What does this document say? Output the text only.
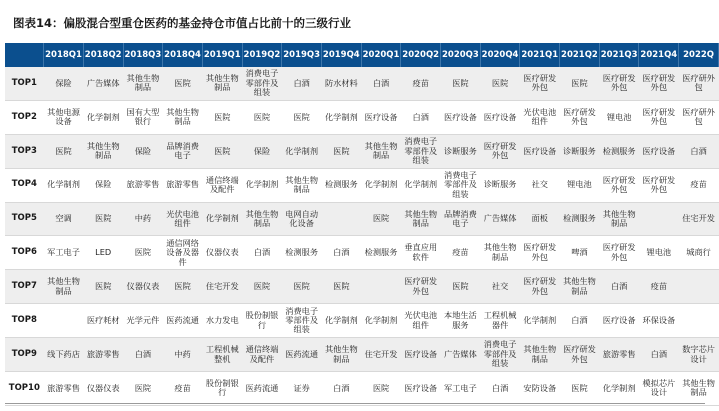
图表14：偏股混合型重仓医药的基金持仓市值占比前十的三级行业
	2018Q1	2018Q2	2018Q3	2018Q4	2019Q1	2019Q2	2019Q3	2019Q4	2020Q1	2020Q2	2020Q3	2020Q4	2021Q1	2021Q2	2021Q3	2021Q4	2022Q
TOP1	保险	广告媒体	其他生物制品	医院	其他生物制品	消费电子零部件及组装	白酒	防水材料	白酒	疫苗	医院	医院	医疗研发外包	医院	医疗研发外包	医疗研发外包	医疗研外包
TOP2	其他电源设备	化学制剂	国有大型银行	其他生物制品	医院	医院	医院	化学制剂	医疗设备	白酒	医疗设备	医疗设备	光伏电池组件	医疗研发外包	锂电池	医疗研发外包	医疗研外包
TOP3	医院	其他生物制品	保险	品牌消费电子	医院	保险	化学制剂	医院	其他生物制品	消费电子零部件及组装	诊断服务	医疗研发外包	医疗设备	诊断服务	检测服务	医疗设备	白酒
TOP4	化学制剂	保险	旅游零售	旅游零售	通信终端及配件	化学制剂	其他生物制品	检测服务	化学制剂	化学制剂	消费电子零部件及组装	诊断服务	社交	锂电池	医疗研发外包	医疗研发外包	疫苗
TOP5	空调	医院	中药	光伏电池组件	化学制剂	其他生物制品	电网自动化设备		医院	其他生物制品	品牌消费电子	广告媒体	面板	检测服务	其他生物制品		住宅开发
TOP6	军工电子	LED	医院	通信网络设备及器件	仪器仪表	白酒	检测服务	白酒	检测服务	垂直应用软件	疫苗	其他生物制品	医疗研发外包	啤酒	医疗研发外包	锂电池	城商行
TOP7	其他生物制品	医院	仪器仪表	医院	住宅开发	医院	医院	医院		医疗研发外包	医院	社交	医疗研发外包	其他生物制品	白酒	疫苗	
TOP8		医疗耗材	光学元件	医药流通	水力发电	股份制银行	消费电子零部件及组装	化学制剂	化学制剂	光伏电池组件	本地生活服务	工程机械器件	化学制剂	白酒	医疗设备	环保设备	
TOP9	线下药店	旅游零售	白酒	中药	工程机械整机	通信终端及配件	医药流通	其他生物制品	住宅开发	医疗设备	广告媒体	消费电子零部件及组装	其他生物制品	医疗研发外包	旅游零售	白酒	数字芯片设计
TOP10	旅游零售	仪器仪表	医院	疫苗	股份制银行	医药流通	证券	白酒	医院	医疗设备	军工电子	白酒	安防设备	医院	化学制剂	模拟芯片设计	其他生物制品
